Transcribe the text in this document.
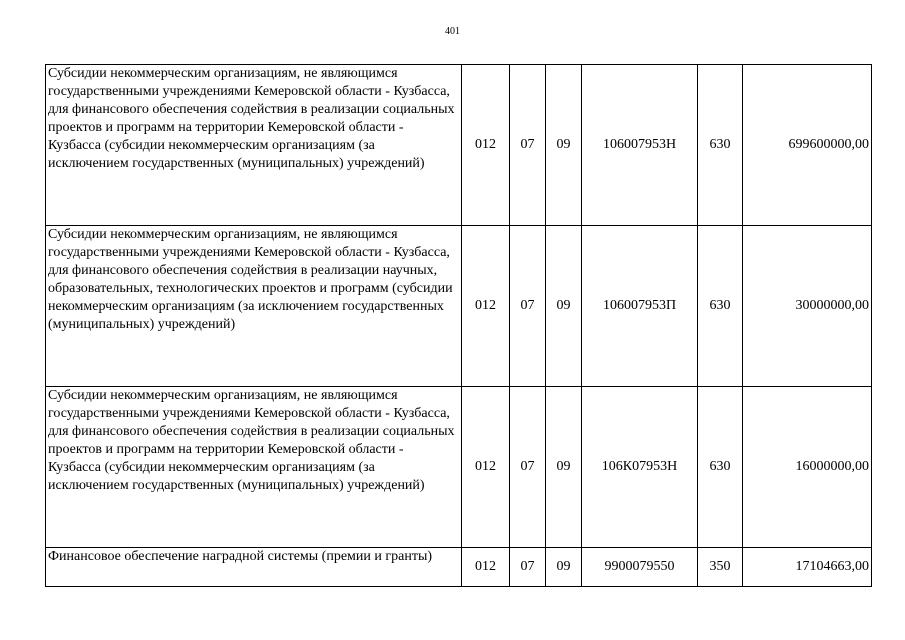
401
Субсидии некоммерческим организациям, не являющимся государственными учреждениями Кемеровской области - Кузбасса, для финансового обеспечения содействия в реализации социальных проектов и программ на территории Кемеровской области - Кузбасса (субсидии некоммерческим организациям (за исключением государственных (муниципальных) учреждений)	012	07	09	106007953Н	630	699600000,00
Субсидии некоммерческим организациям, не являющимся государственными учреждениями Кемеровской области - Кузбасса, для финансового обеспечения содействия в реализации научных, образовательных, технологических проектов и программ (субсидии некоммерческим организациям (за исключением государственных (муниципальных) учреждений)	012	07	09	106007953П	630	30000000,00
Субсидии некоммерческим организациям, не являющимся государственными учреждениями Кемеровской области - Кузбасса, для финансового обеспечения содействия в реализации социальных проектов и программ на территории Кемеровской области - Кузбасса (субсидии некоммерческим организациям (за исключением государственных (муниципальных) учреждений)	012	07	09	106К07953Н	630	16000000,00
Финансовое обеспечение наградной системы (премии и гранты)	012	07	09	9900079550	350	17104663,00
